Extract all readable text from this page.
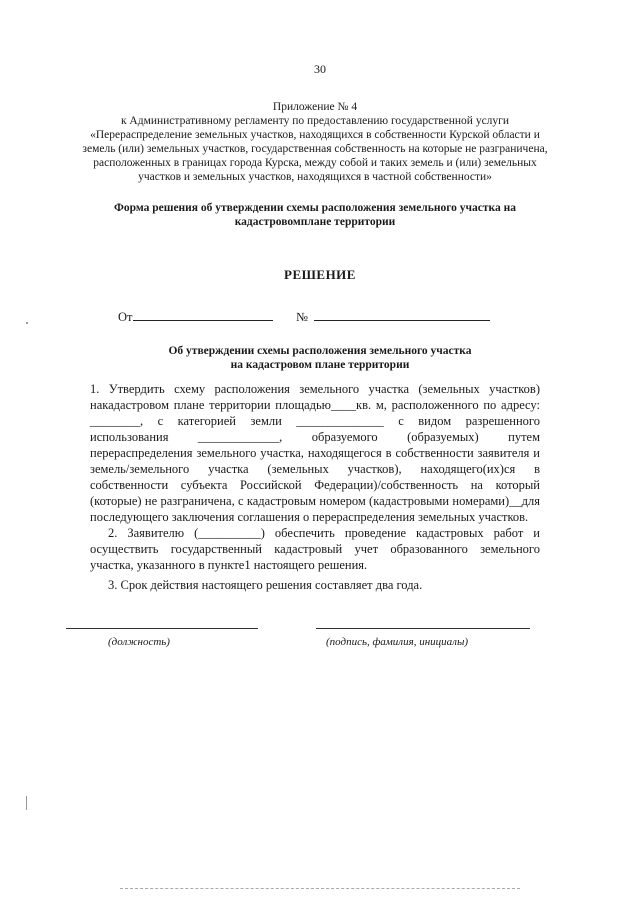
30
Приложение № 4
к Административному регламенту по предоставлению государственной услуги
«Перераспределение земельных участков, находящихся в собственности Курской области и
земель (или) земельных участков, государственная собственность на которые не разграничена,
расположенных в границах города Курска, между собой и таких земель и (или) земельных
участков и земельных участков, находящихся в частной собственности»
Форма решения об утверждении схемы расположения земельного участка на
кадастровомплане территории
РЕШЕНИЕ
От	№
Об утверждении схемы расположения земельного участка
на кадастровом плане территории
1. Утвердить схему расположения земельного участка (земельных участков) накадастровом плане территории площадью____кв. м, расположенного по адресу: ________, с категорией земли ______________ с видом разрешенного использования _____________, образуемого (образуемых) путем перераспределения земельного участка, находящегося в собственности заявителя и земель/земельного участка (земельных участков), находящего(их)ся в собственности субъекта Российской Федерации)/собственность на который (которые) не разграничена, с кадастровым номером (кадастровыми номерами)__для последующего заключения соглашения о перераспределения земельных участков.
2. Заявителю (__________) обеспечить проведение кадастровых работ и осуществить государственный кадастровый учет образованного земельного участка, указанного в пункте1 настоящего решения.
3. Срок действия настоящего решения составляет два года.
(должность)	(подпись, фамилия, инициалы)
